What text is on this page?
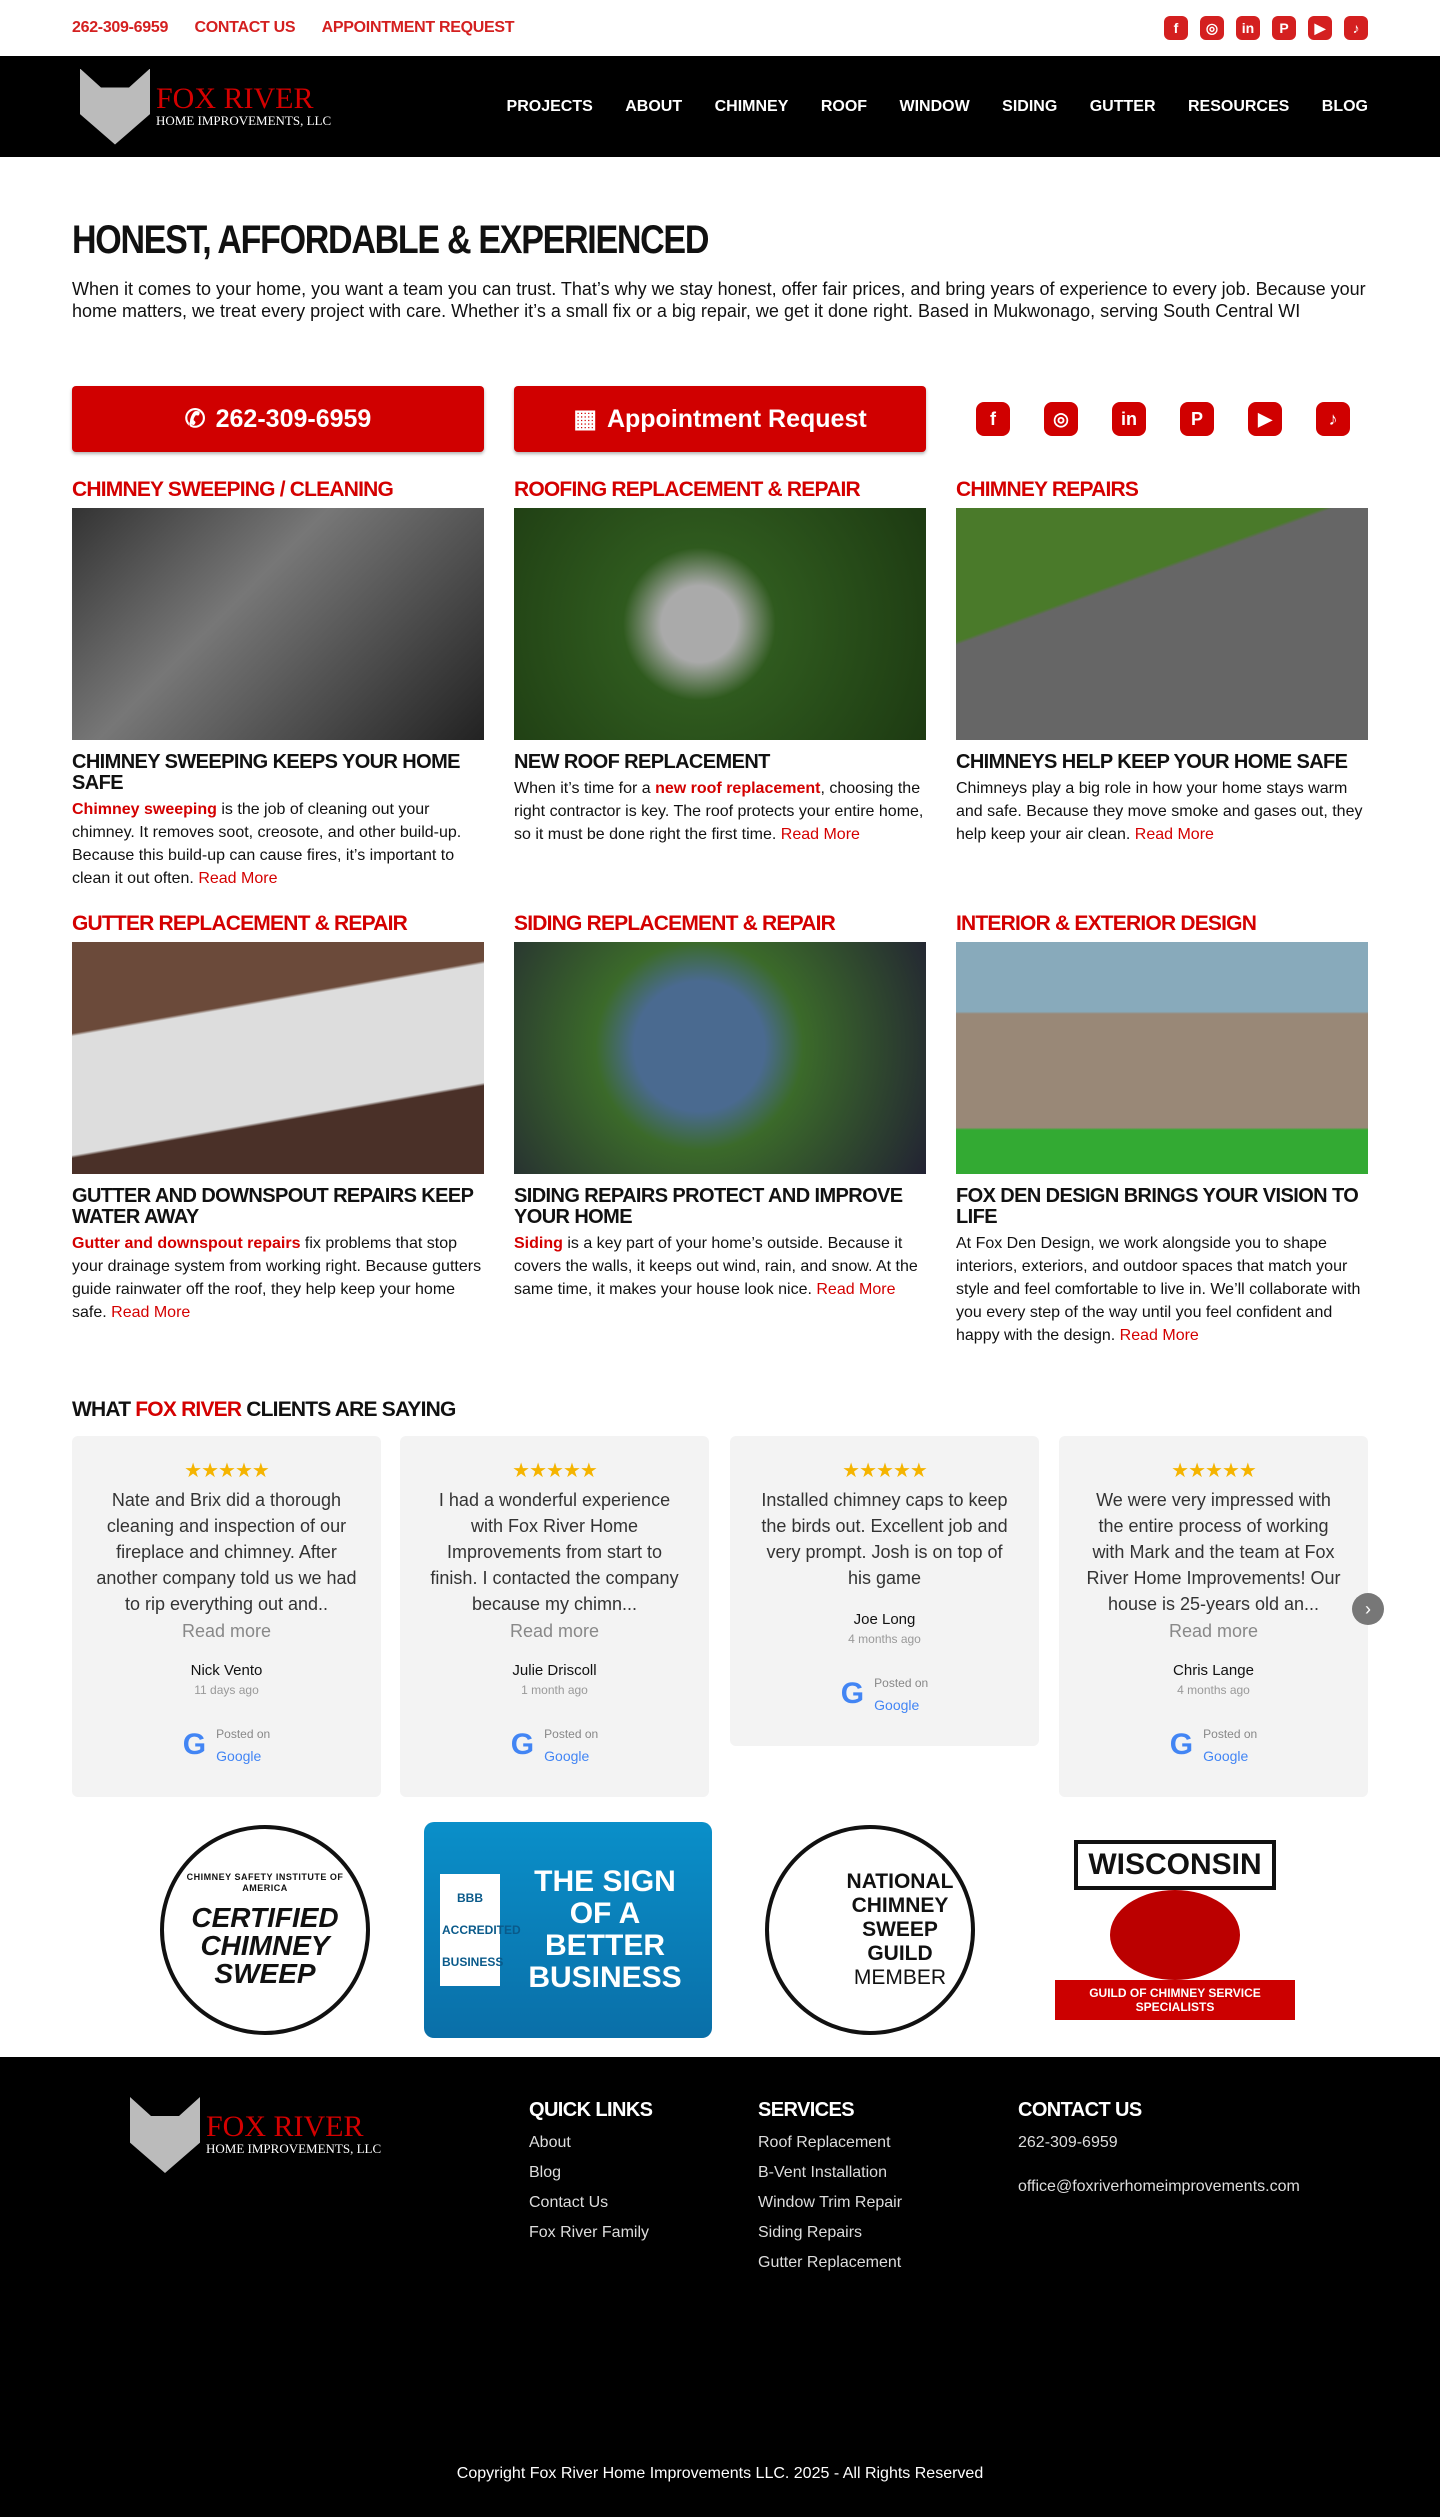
262-309-6959 CONTACT US APPOINTMENT REQUEST	f	◎	in	P	▶	♪
FOX RIVER
HOME IMPROVEMENTS, LLC
PROJECTS ABOUT CHIMNEY ROOF WINDOW SIDING GUTTER RESOURCES BLOG
HONEST, AFFORDABLE & EXPERIENCED

When it comes to your home, you want a team you can trust. That’s why we stay honest, offer fair prices, and bring years of experience to every job. Because your home matters, we treat every project with care. Whether it’s a small fix or a big repair, we get it done right. Based in Mukwonago, serving South Central WI

✆ 262-309-6959	▦ Appointment Request	f	◎	in	P	▶	♪
CHIMNEY SWEEPING / CLEANING
CHIMNEY SWEEPING KEEPS YOUR HOME SAFE
Chimney sweeping is the job of cleaning out your chimney. It removes soot, creosote, and other build-up. Because this build-up can cause fires, it’s important to clean it out often. Read More
ROOFING REPLACEMENT & REPAIR
NEW ROOF REPLACEMENT
When it’s time for a new roof replacement, choosing the right contractor is key. The roof protects your entire home, so it must be done right the first time. Read More
CHIMNEY REPAIRS
CHIMNEYS HELP KEEP YOUR HOME SAFE
Chimneys play a big role in how your home stays warm and safe. Because they move smoke and gases out, they help keep your air clean. Read More
GUTTER REPLACEMENT & REPAIR
GUTTER AND DOWNSPOUT REPAIRS KEEP WATER AWAY
Gutter and downspout repairs fix problems that stop your drainage system from working right. Because gutters guide rainwater off the roof, they help keep your home safe. Read More
SIDING REPLACEMENT & REPAIR
SIDING REPAIRS PROTECT AND IMPROVE YOUR HOME
Siding is a key part of your home’s outside. Because it covers the walls, it keeps out wind, rain, and snow. At the same time, it makes your house look nice. Read More
INTERIOR & EXTERIOR DESIGN
FOX DEN DESIGN BRINGS YOUR VISION TO LIFE
At Fox Den Design, we work alongside you to shape interiors, exteriors, and outdoor spaces that match your style and feel comfortable to live in. We’ll collaborate with you every step of the way until you feel confident and happy with the design. Read More
WHAT FOX RIVER CLIENTS ARE SAYING
★★★★★
Nate and Brix did a thorough cleaning and inspection of our fireplace and chimney. After another company told us we had to rip everything out and..
Read more
Nick Vento
11 days ago
G Posted on
Google
★★★★★
I had a wonderful experience with Fox River Home Improvements from start to finish. I contacted the company because my chimn...
Read more
Julie Driscoll
1 month ago
G Posted on
Google
★★★★★
Installed chimney caps to keep the birds out. Excellent job and very prompt. Josh is on top of his game
Joe Long
4 months ago
G Posted on
Google
★★★★★
We were very impressed with the entire process of working with Mark and the team at Fox River Home Improvements! Our house is 25-years old an...
Read more
Chris Lange
4 months ago
G Posted on
Google
›
CHIMNEY SAFETY INSTITUTE OF AMERICA
CERTIFIED CHIMNEY SWEEP
BBB ACCREDITED BUSINESS
THE SIGN OF A BETTER BUSINESS
NATIONAL CHIMNEY SWEEP GUILD
MEMBER
WISCONSIN
GUILD OF CHIMNEY SERVICE SPECIALISTS
FOX RIVER
HOME IMPROVEMENTS, LLC
QUICK LINKS
About
Blog
Contact Us
Fox River Family
SERVICES
Roof Replacement
B-Vent Installation
Window Trim Repair
Siding Repairs
Gutter Replacement
CONTACT US
262-309-6959
office@foxriverhomeimprovements.com
Copyright Fox River Home Improvements LLC. 2025 - All Rights Reserved
